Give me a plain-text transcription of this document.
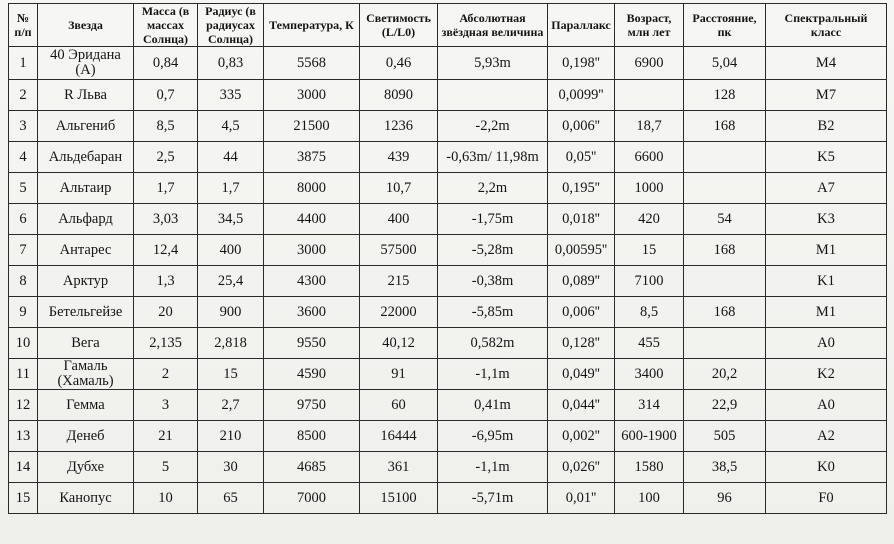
№ п/п	Звезда	Масса (в массах Солнца)	Радиус (в радиусах Солнца)	Температура, К	Светимость (L/L0)	Абсолютная звёздная величина	Параллакс	Возраст, млн лет	Расстояние, пк	Спектральный класс
1	40 Эридана (А)	0,84	0,83	5568	0,46	5,93m	0,198''	6900	5,04	M4
2	R Льва	0,7	335	3000	8090		0,0099''		128	M7
3	Альгениб	8,5	4,5	21500	1236	-2,2m	0,006''	18,7	168	B2
4	Альдебаран	2,5	44	3875	439	-0,63m/ 11,98m	0,05''	6600		K5
5	Альтаир	1,7	1,7	8000	10,7	2,2m	0,195''	1000		A7
6	Альфард	3,03	34,5	4400	400	-1,75m	0,018''	420	54	K3
7	Антарес	12,4	400	3000	57500	-5,28m	0,00595''	15	168	M1
8	Арктур	1,3	25,4	4300	215	-0,38m	0,089''	7100		K1
9	Бетельгейзе	20	900	3600	22000	-5,85m	0,006''	8,5	168	M1
10	Вега	2,135	2,818	9550	40,12	0,582m	0,128''	455		A0
11	Гамаль (Хамаль)	2	15	4590	91	-1,1m	0,049''	3400	20,2	K2
12	Гемма	3	2,7	9750	60	0,41m	0,044''	314	22,9	A0
13	Денеб	21	210	8500	16444	-6,95m	0,002''	600-1900	505	A2
14	Дубхе	5	30	4685	361	-1,1m	0,026''	1580	38,5	K0
15	Канопус	10	65	7000	15100	-5,71m	0,01''	100	96	F0
